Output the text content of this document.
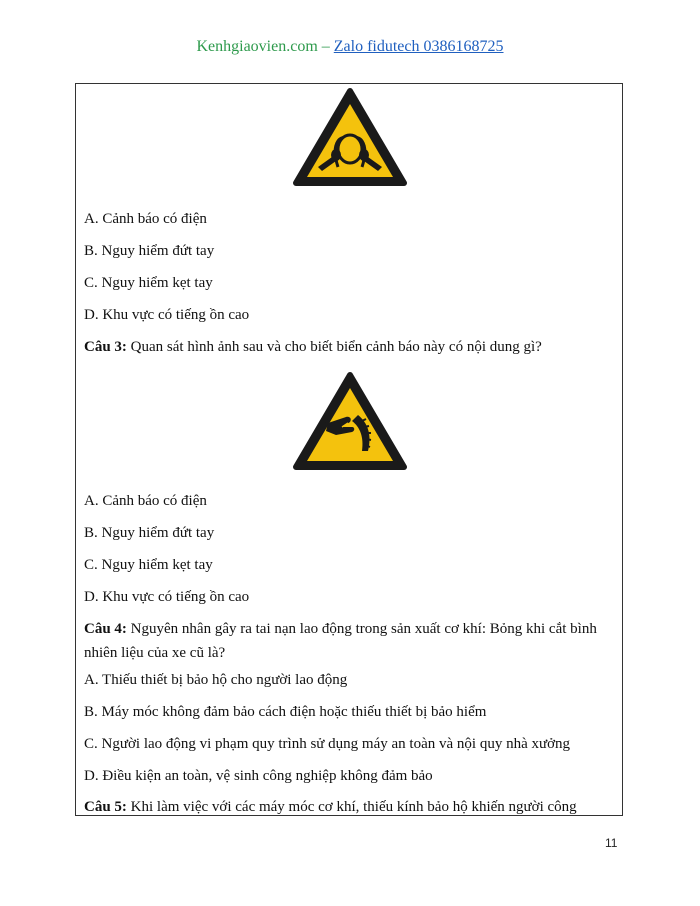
Kenhgiaovien.com – Zalo fidutech 0386168725
A. Cảnh báo có điện
B. Nguy hiểm đứt tay
C. Nguy hiểm kẹt tay
D. Khu vực có tiếng ồn cao
Câu 3: Quan sát hình ảnh sau và cho biết biển cảnh báo này có nội dung gì?
A. Cảnh báo có điện
B. Nguy hiểm đứt tay
C. Nguy hiểm kẹt tay
D. Khu vực có tiếng ồn cao
Câu 4: Nguyên nhân gây ra tai nạn lao động trong sản xuất cơ khí: Bỏng khi cắt bình nhiên liệu của xe cũ là?
A. Thiếu thiết bị bảo hộ cho người lao động
B. Máy móc không đảm bảo cách điện hoặc thiếu thiết bị bảo hiểm
C. Người lao động vi phạm quy trình sử dụng máy an toàn và nội quy nhà xưởng
D. Điều kiện an toàn, vệ sinh công nghiệp không đảm bảo
Câu 5: Khi làm việc với các máy móc cơ khí, thiếu kính bảo hộ khiến người công
11
